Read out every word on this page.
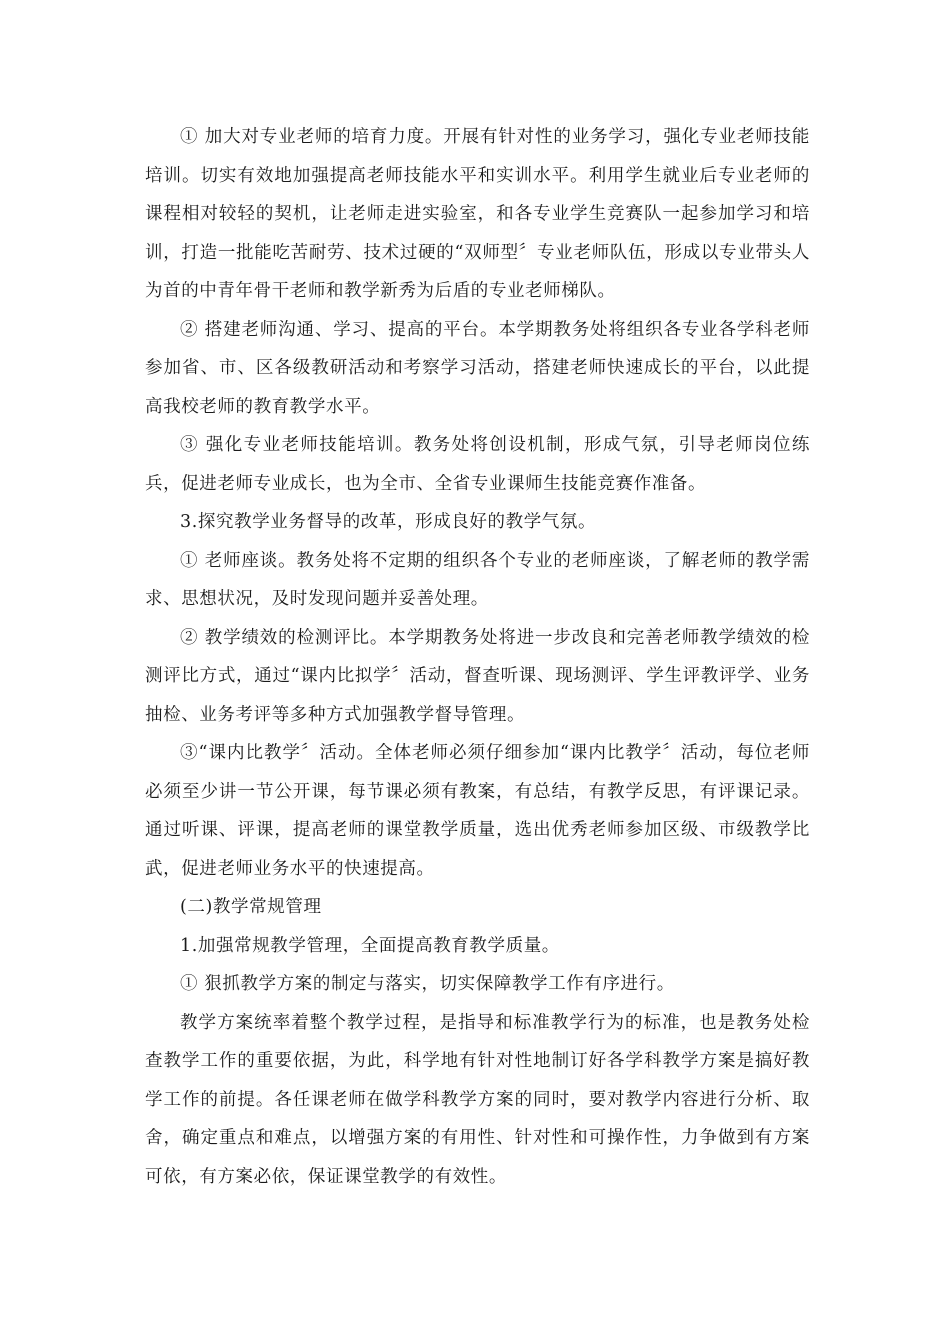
① 加大对专业老师的培育力度。开展有针对性的业务学习，强化专业老师技能培训。切实有效地加强提高老师技能水平和实训水平。利用学生就业后专业老师的课程相对较轻的契机，让老师走进实验室，和各专业学生竞赛队一起参加学习和培训，打造一批能吃苦耐劳、技术过硬的“双师型〞专业老师队伍，形成以专业带头人为首的中青年骨干老师和教学新秀为后盾的专业老师梯队。

② 搭建老师沟通、学习、提高的平台。本学期教务处将组织各专业各学科老师参加省、市、区各级教研活动和考察学习活动，搭建老师快速成长的平台，以此提高我校老师的教育教学水平。

③ 强化专业老师技能培训。教务处将创设机制，形成气氛，引导老师岗位练兵，促进老师专业成长，也为全市、全省专业课师生技能竞赛作准备。

3.探究教学业务督导的改革，形成良好的教学气氛。

① 老师座谈。教务处将不定期的组织各个专业的老师座谈，了解老师的教学需求、思想状况，及时发现问题并妥善处理。

② 教学绩效的检测评比。本学期教务处将进一步改良和完善老师教学绩效的检测评比方式，通过“课内比拟学〞活动，督查听课、现场测评、学生评教评学、业务抽检、业务考评等多种方式加强教学督导管理。

③“课内比教学〞活动。全体老师必须仔细参加“课内比教学〞活动，每位老师必须至少讲一节公开课，每节课必须有教案，有总结，有教学反思，有评课记录。通过听课、评课，提高老师的课堂教学质量，选出优秀老师参加区级、市级教学比武，促进老师业务水平的快速提高。

(二)教学常规管理

1.加强常规教学管理，全面提高教育教学质量。

① 狠抓教学方案的制定与落实，切实保障教学工作有序进行。

教学方案统率着整个教学过程，是指导和标准教学行为的标准，也是教务处检查教学工作的重要依据，为此，科学地有针对性地制订好各学科教学方案是搞好教学工作的前提。各任课老师在做学科教学方案的同时，要对教学内容进行分析、取舍，确定重点和难点，以增强方案的有用性、针对性和可操作性，力争做到有方案可依，有方案必依，保证课堂教学的有效性。
